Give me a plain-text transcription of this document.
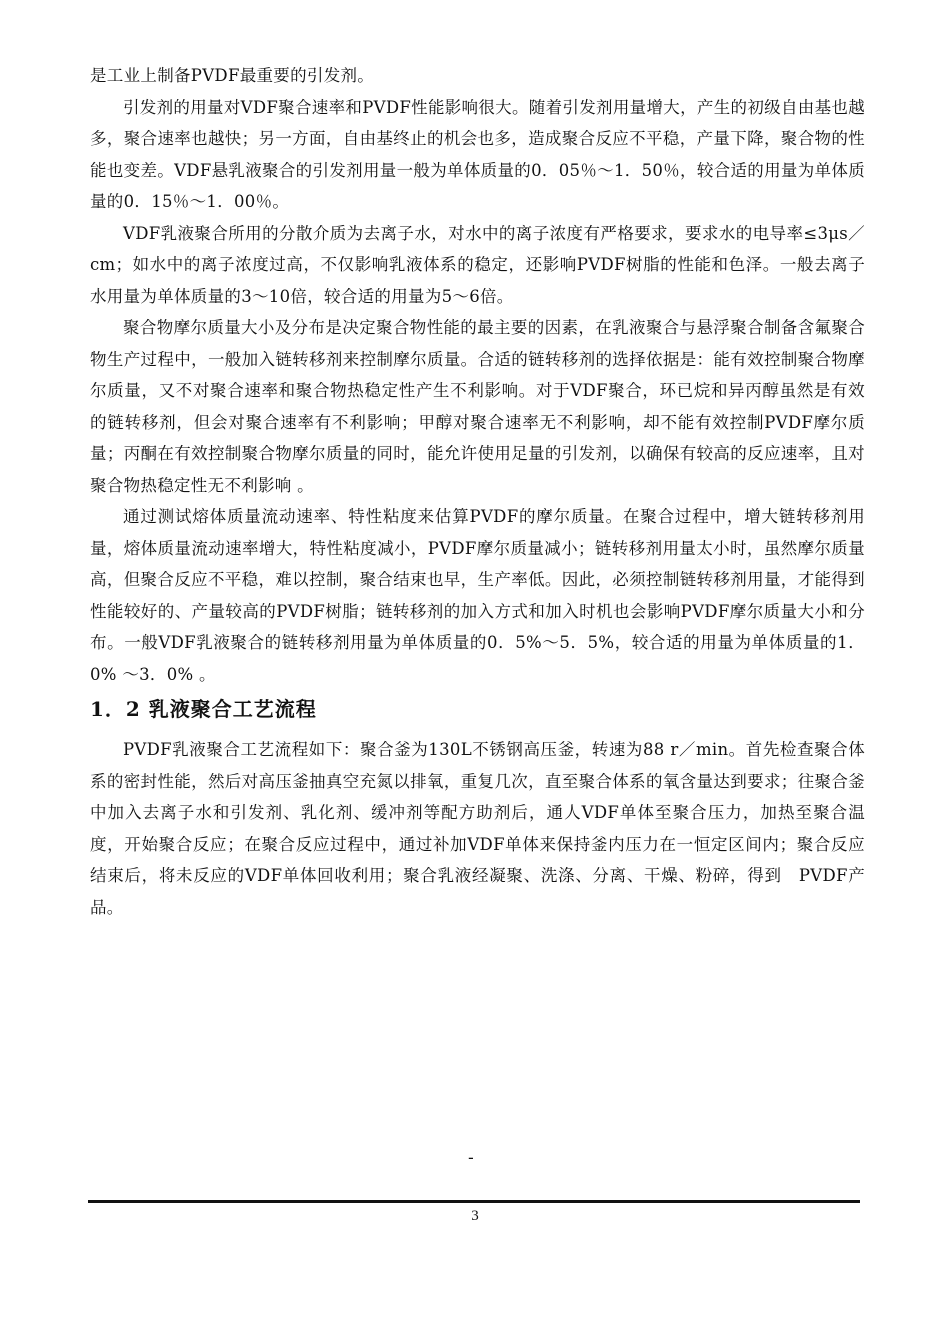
是工业上制备PVDF最重要的引发剂。

引发剂的用量对VDF聚合速率和PVDF性能影响很大。随着引发剂用量增大，产生的初级自由基也越多，聚合速率也越快；另一方面，自由基终止的机会也多，造成聚合反应不平稳，产量下降，聚合物的性能也变差。VDF悬乳液聚合的引发剂用量一般为单体质量的0．05％～1．50％，较合适的用量为单体质量的0．15％～1．00％。

VDF乳液聚合所用的分散介质为去离子水，对水中的离子浓度有严格要求，要求水的电导率≤3μs／cm；如水中的离子浓度过高，不仅影响乳液体系的稳定，还影响PVDF树脂的性能和色泽。一般去离子水用量为单体质量的3～10倍，较合适的用量为5～6倍。

聚合物摩尔质量大小及分布是决定聚合物性能的最主要的因素，在乳液聚合与悬浮聚合制备含氟聚合物生产过程中，一般加入链转移剂来控制摩尔质量。合适的链转移剂的选择依据是：能有效控制聚合物摩尔质量，又不对聚合速率和聚合物热稳定性产生不利影响。对于VDF聚合，环已烷和异丙醇虽然是有效的链转移剂，但会对聚合速率有不利影响；甲醇对聚合速率无不利影响，却不能有效控制PVDF摩尔质量；丙酮在有效控制聚合物摩尔质量的同时，能允许使用足量的引发剂，以确保有较高的反应速率，且对聚合物热稳定性无不利影响 。

通过测试熔体质量流动速率、特性粘度来估算PVDF的摩尔质量。在聚合过程中，增大链转移剂用量，熔体质量流动速率增大，特性粘度减小，PVDF摩尔质量减小；链转移剂用量太小时，虽然摩尔质量高，但聚合反应不平稳，难以控制，聚合结束也早，生产率低。因此，必须控制链转移剂用量，才能得到性能较好的、产量较高的PVDF树脂；链转移剂的加入方式和加入时机也会影响PVDF摩尔质量大小和分布。一般VDF乳液聚合的链转移剂用量为单体质量的0．5%～5．5%，较合适的用量为单体质量的1．0% ～3．0% 。

1．2 乳液聚合工艺流程

PVDF乳液聚合工艺流程如下：聚合釜为130L不锈钢高压釜，转速为88 r／min。首先检查聚合体系的密封性能，然后对高压釜抽真空充氮以排氧，重复几次，直至聚合体系的氧含量达到要求；往聚合釜中加入去离子水和引发剂、乳化剂、缓冲剂等配方助剂后，通人VDF单体至聚合压力，加热至聚合温度，开始聚合反应；在聚合反应过程中，通过补加VDF单体来保持釜内压力在一恒定区间内；聚合反应结束后，将未反应的VDF单体回收利用；聚合乳液经凝聚、洗涤、分离、干燥、粉碎，得到　PVDF产品。

-
3
